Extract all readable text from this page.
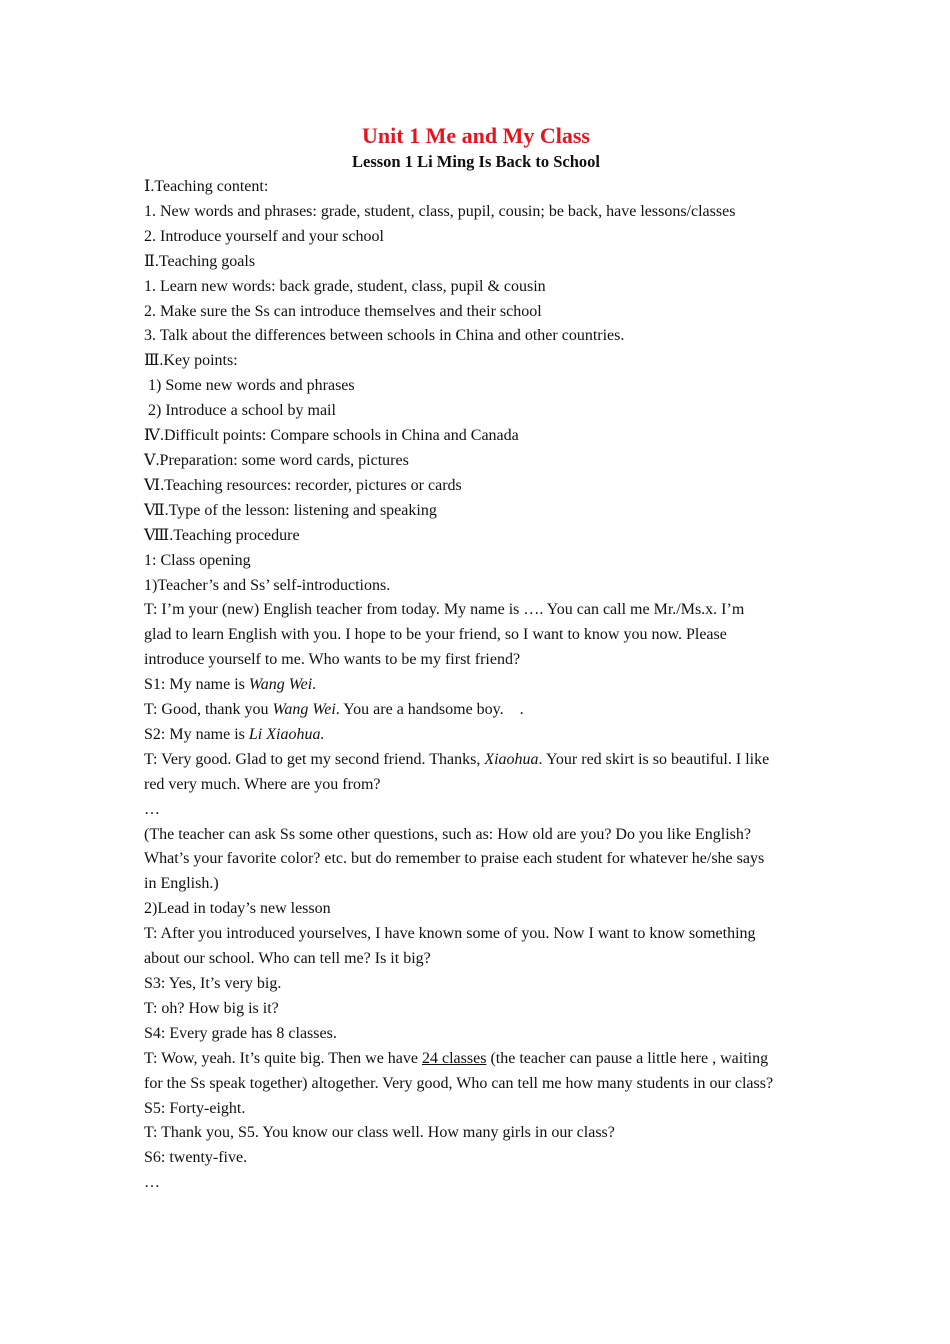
Unit 1 Me and My Class

Lesson 1 Li Ming Is Back to School

Ⅰ.Teaching content:

1. New words and phrases: grade, student, class, pupil, cousin; be back, have lessons/classes

2. Introduce yourself and your school

Ⅱ.Teaching goals

1. Learn new words: back grade, student, class, pupil & cousin

2. Make sure the Ss can introduce themselves and their school

3. Talk about the differences between schools in China and other countries.

Ⅲ.Key points:

1) Some new words and phrases

2) Introduce a school by mail

Ⅳ.Difficult points: Compare schools in China and Canada

Ⅴ.Preparation: some word cards, pictures

Ⅵ.Teaching resources: recorder, pictures or cards

Ⅶ.Type of the lesson: listening and speaking

Ⅷ.Teaching procedure

1: Class opening

1)Teacher’s and Ss’ self-introductions.

T: I’m your (new) English teacher from today. My name is …. You can call me Mr./Ms.x. I’m

glad to learn English with you. I hope to be your friend, so I want to know you now. Please

introduce yourself to me. Who wants to be my first friend?

S1: My name is Wang Wei.

T: Good, thank you Wang Wei. You are a handsome boy.    .

S2: My name is Li Xiaohua.

T: Very good. Glad to get my second friend. Thanks, Xiaohua. Your red skirt is so beautiful. I like

red very much. Where are you from?

…

(The teacher can ask Ss some other questions, such as: How old are you? Do you like English?

What’s your favorite color? etc. but do remember to praise each student for whatever he/she says

in English.)

2)Lead in today’s new lesson

T: After you introduced yourselves, I have known some of you. Now I want to know something

about our school. Who can tell me? Is it big?

S3: Yes, It’s very big.

T: oh? How big is it?

S4: Every grade has 8 classes.

T: Wow, yeah. It’s quite big. Then we have 24 classes (the teacher can pause a little here , waiting

for the Ss speak together) altogether. Very good, Who can tell me how many students in our class?

S5: Forty-eight.

T: Thank you, S5. You know our class well. How many girls in our class?

S6: twenty-five.

…
